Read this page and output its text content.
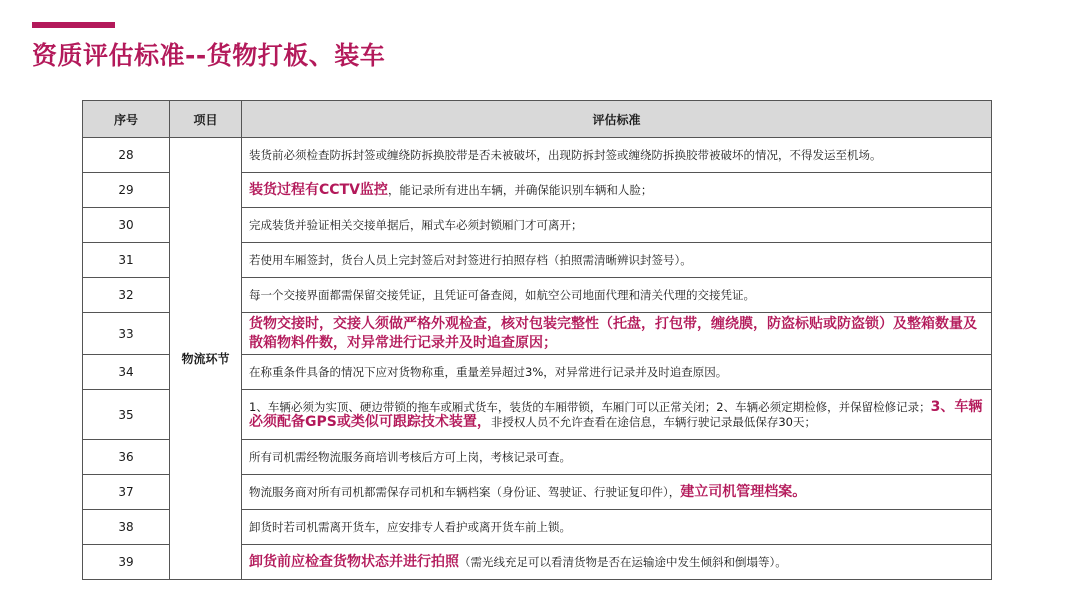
资质评估标准--货物打板、装车
序号	项目	评估标准
28	物流环节	装货前必须检查防拆封签或缠绕防拆换胶带是否未被破坏，出现防拆封签或缠绕防拆换胶带被破坏的情况，不得发运至机场。
29		装货过程有CCTV监控，能记录所有进出车辆，并确保能识别车辆和人脸；
30		完成装货并验证相关交接单据后，厢式车必须封锁厢门才可离开；
31		若使用车厢签封，货台人员上完封签后对封签进行拍照存档（拍照需清晰辨识封签号）。
32		每一个交接界面都需保留交接凭证，且凭证可备查阅，如航空公司地面代理和清关代理的交接凭证。
33		货物交接时，交接人须做严格外观检查，核对包装完整性（托盘，打包带，缠绕膜，防盗标贴或防盗锁）及整箱数量及散箱物料件数，对异常进行记录并及时追查原因；
34		在称重条件具备的情况下应对货物称重，重量差异超过3%，对异常进行记录并及时追查原因。
35		1、车辆必须为实顶、硬边带锁的拖车或厢式货车，装货的车厢带锁，车厢门可以正常关闭；2、车辆必须定期检修，并保留检修记录；3、车辆必须配备GPS或类似可跟踪技术装置，非授权人员不允许查看在途信息，车辆行驶记录最低保存30天；
36		所有司机需经物流服务商培训考核后方可上岗，考核记录可查。
37		物流服务商对所有司机都需保存司机和车辆档案（身份证、驾驶证、行驶证复印件），建立司机管理档案。
38		卸货时若司机需离开货车，应安排专人看护或离开货车前上锁。
39		卸货前应检查货物状态并进行拍照（需光线充足可以看清货物是否在运输途中发生倾斜和倒塌等）。
